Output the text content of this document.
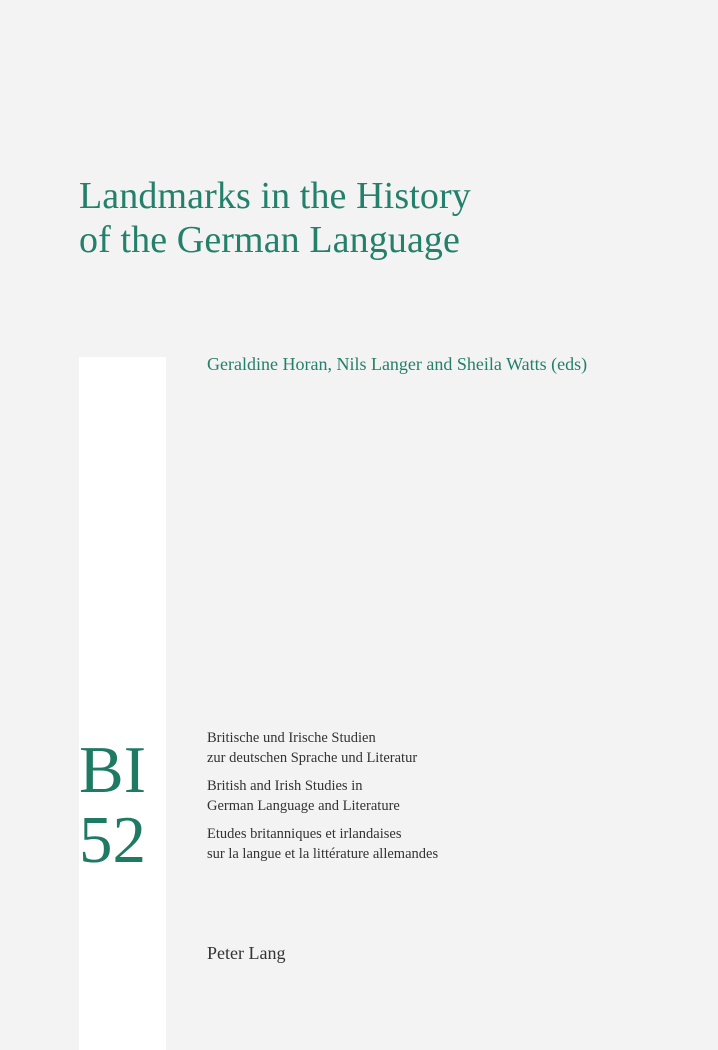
Landmarks in the History
of the German Language
Geraldine Horan, Nils Langer and Sheila Watts (eds)
BI
52
Britische und Irische Studien
zur deutschen Sprache und Literatur
British and Irish Studies in
German Language and Literature
Etudes britanniques et irlandaises
sur la langue et la littérature allemandes
Peter Lang
